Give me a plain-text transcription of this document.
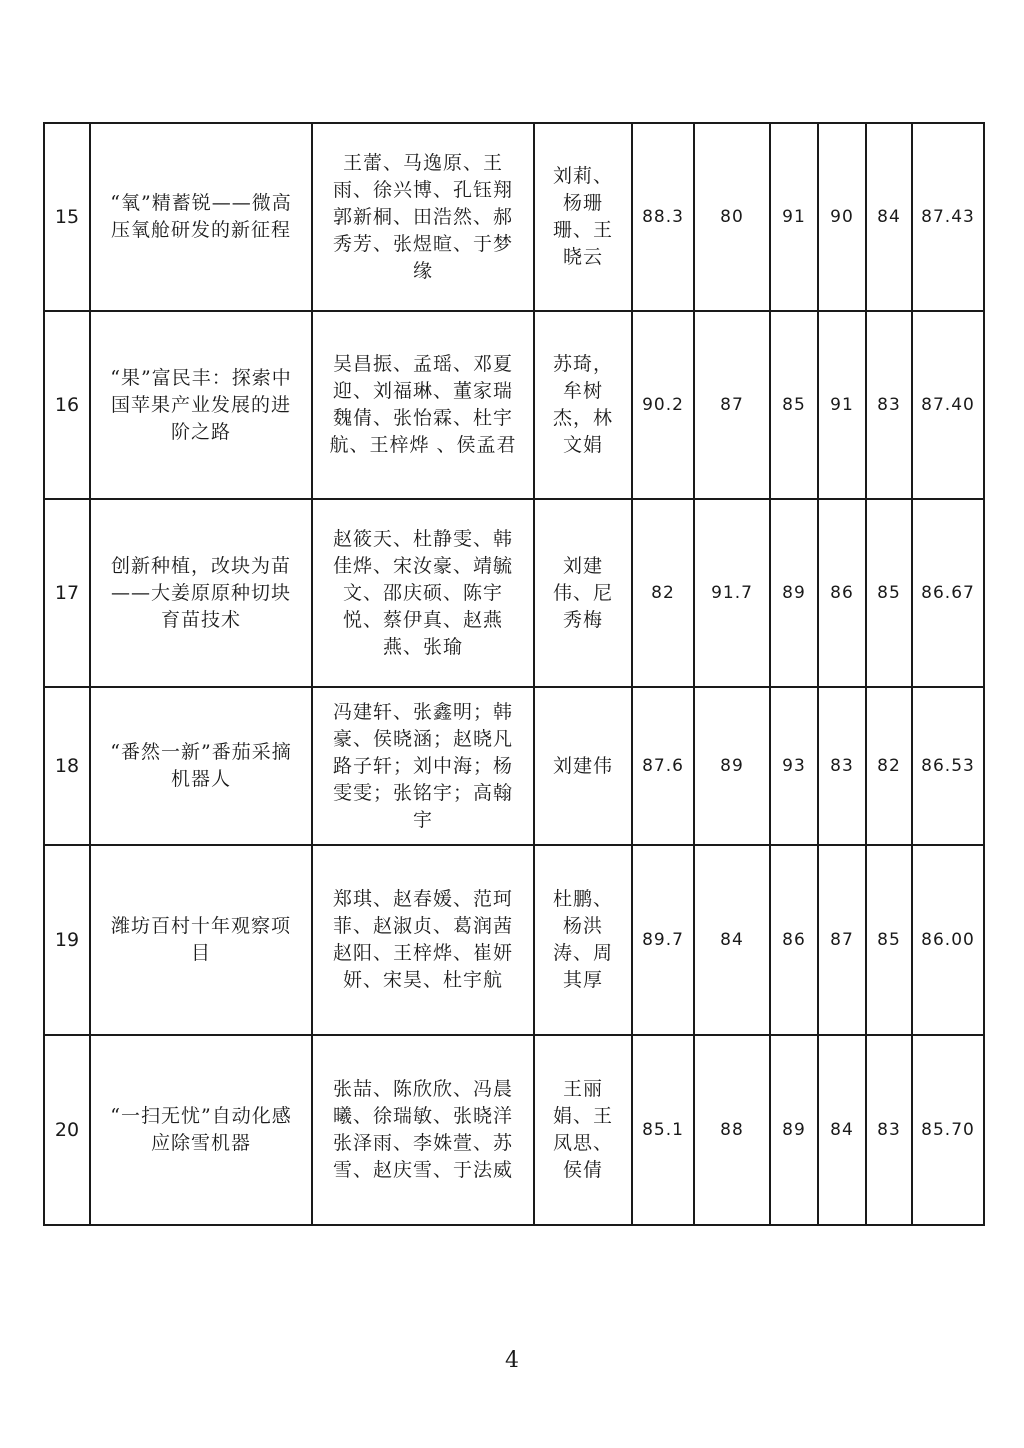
15	“氧”精蓄锐——微高压氧舱研发的新征程	王蕾、马逸原、王雨、徐兴博、孔钰翔郭新桐、田浩然、郝秀芳、张煜暄、于梦缘	刘莉、杨珊珊、王晓云	88.3	80	91	90	84	87.43
16	“果”富民丰：探索中国苹果产业发展的进阶之路	吴昌振、孟瑶、邓夏迎、刘福琳、董家瑞魏倩、张怡霖、杜宇航、王梓烨 、侯孟君	苏琦，牟树杰，林文娟	90.2	87	85	91	83	87.40
17	创新种植，改块为苗——大姜原原种切块育苗技术	赵筱天、杜静雯、韩佳烨、宋汝豪、靖毓文、邵庆硕、陈宇悦、蔡伊真、赵燕燕、张瑜	刘建伟、尼秀梅	82	91.7	89	86	85	86.67
18	“番然一新”番茄采摘机器人	冯建轩、张鑫明；韩豪、侯晓涵；赵晓凡路子轩；刘中海；杨雯雯；张铭宇；高翰宇	刘建伟	87.6	89	93	83	82	86.53
19	潍坊百村十年观察项目	郑琪、赵春媛、范珂菲、赵淑贞、葛润茜赵阳、王梓烨、崔妍妍、宋昊、杜宇航	杜鹏、杨洪涛、周其厚	89.7	84	86	87	85	86.00
20	“一扫无忧”自动化感应除雪机器	张喆、陈欣欣、冯晨曦、徐瑞敏、张晓洋张泽雨、李姝萱、苏雪、赵庆雪、于法威	王丽娟、王凤思、侯倩	85.1	88	89	84	83	85.70
4
